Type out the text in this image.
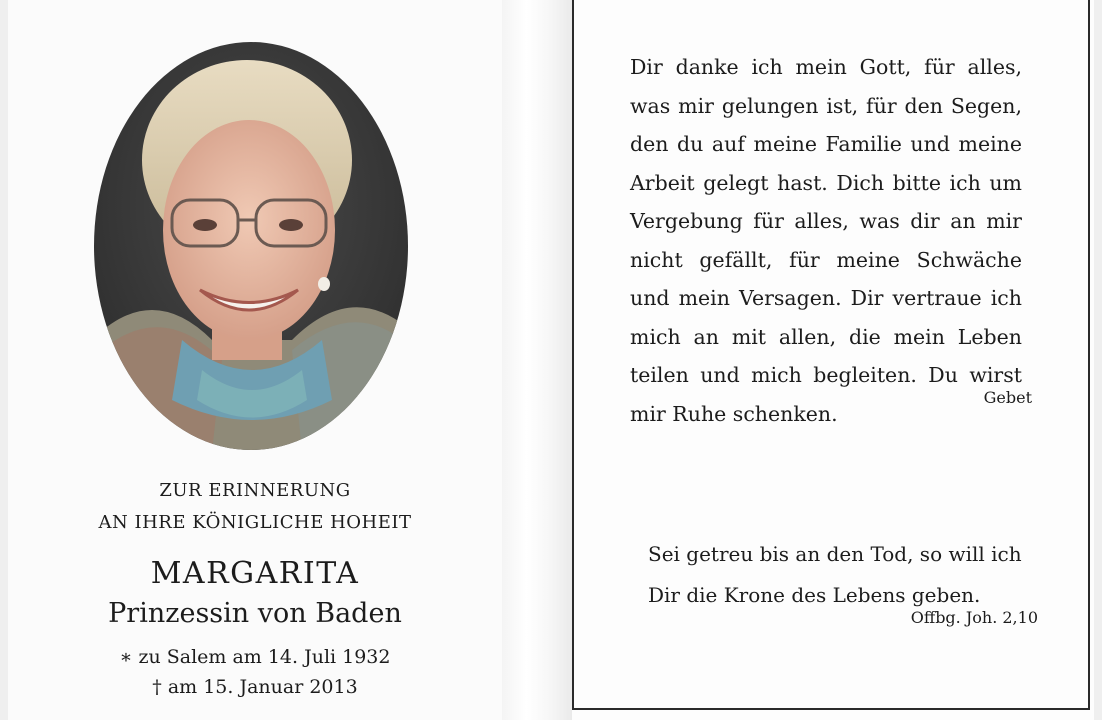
ZUR ERINNERUNG
AN IHRE KÖNIGLICHE HOHEIT
MARGARITA
Prinzessin von Baden
∗ zu Salem am 14. Juli 1932
† am 15. Januar 2013
Dir danke ich mein Gott, für alles, was mir gelungen ist, für den Segen, den du auf meine Familie und meine Arbeit gelegt hast. Dich bitte ich um Vergebung für alles, was dir an mir nicht gefällt, für meine Schwäche und mein Versagen. Dir vertraue ich mich an mit allen, die mein Leben teilen und mich begleiten. Du wirst mir Ruhe schenken.
Gebet
Sei getreu bis an den Tod, so will ich Dir die Krone des Lebens geben.
Offbg. Joh. 2,10
